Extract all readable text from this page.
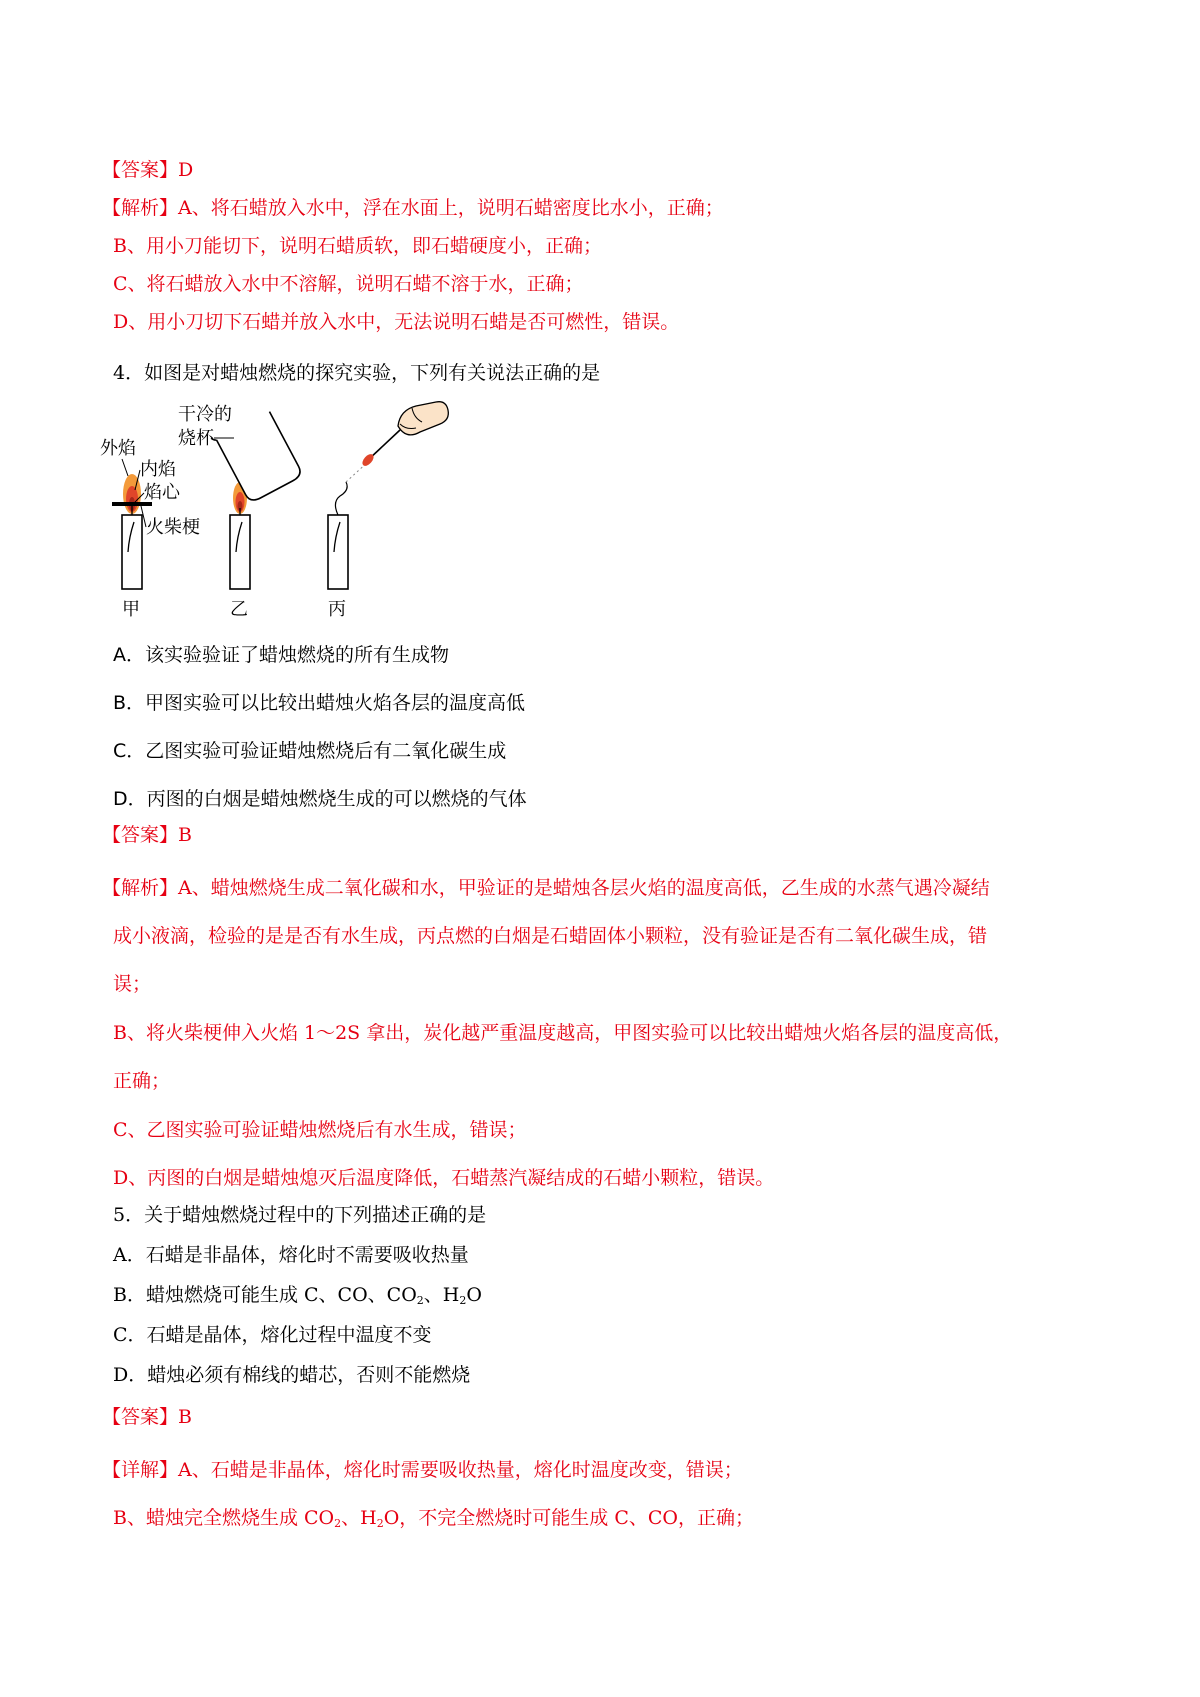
【答案】D
【解析】A、将石蜡放入水中，浮在水面上，说明石蜡密度比水小，正确；
B、用小刀能切下，说明石蜡质软，即石蜡硬度小，正确；
C、将石蜡放入水中不溶解，说明石蜡不溶于水，正确；
D、用小刀切下石蜡并放入水中，无法说明石蜡是否可燃性，错误。
4．如图是对蜡烛燃烧的探究实验，下列有关说法正确的是
外焰
内焰
焰心
火柴梗
甲
干冷的
烧杯
乙	丙
A．该实验验证了蜡烛燃烧的所有生成物
B．甲图实验可以比较出蜡烛火焰各层的温度高低
C．乙图实验可验证蜡烛燃烧后有二氧化碳生成
D．丙图的白烟是蜡烛燃烧生成的可以燃烧的气体
【答案】B
【解析】A、蜡烛燃烧生成二氧化碳和水，甲验证的是蜡烛各层火焰的温度高低，乙生成的水蒸气遇冷凝结
成小液滴，检验的是是否有水生成，丙点燃的白烟是石蜡固体小颗粒，没有验证是否有二氧化碳生成，错
误；
B、将火柴梗伸入火焰 1～2S 拿出，炭化越严重温度越高，甲图实验可以比较出蜡烛火焰各层的温度高低，
正确；
C、乙图实验可验证蜡烛燃烧后有水生成，错误；
D、丙图的白烟是蜡烛熄灭后温度降低，石蜡蒸汽凝结成的石蜡小颗粒，错误。
5．关于蜡烛燃烧过程中的下列描述正确的是
A．石蜡是非晶体，熔化时不需要吸收热量
B．蜡烛燃烧可能生成 C、CO、$CO_2$、$H_2O$
C．石蜡是晶体，熔化过程中温度不变
D．蜡烛必须有棉线的蜡芯，否则不能燃烧
【答案】B
【详解】A、石蜡是非晶体，熔化时需要吸收热量，熔化时温度改变，错误；
B、蜡烛完全燃烧生成 $CO_2$、$H_2O$，不完全燃烧时可能生成 C、CO，正确；
